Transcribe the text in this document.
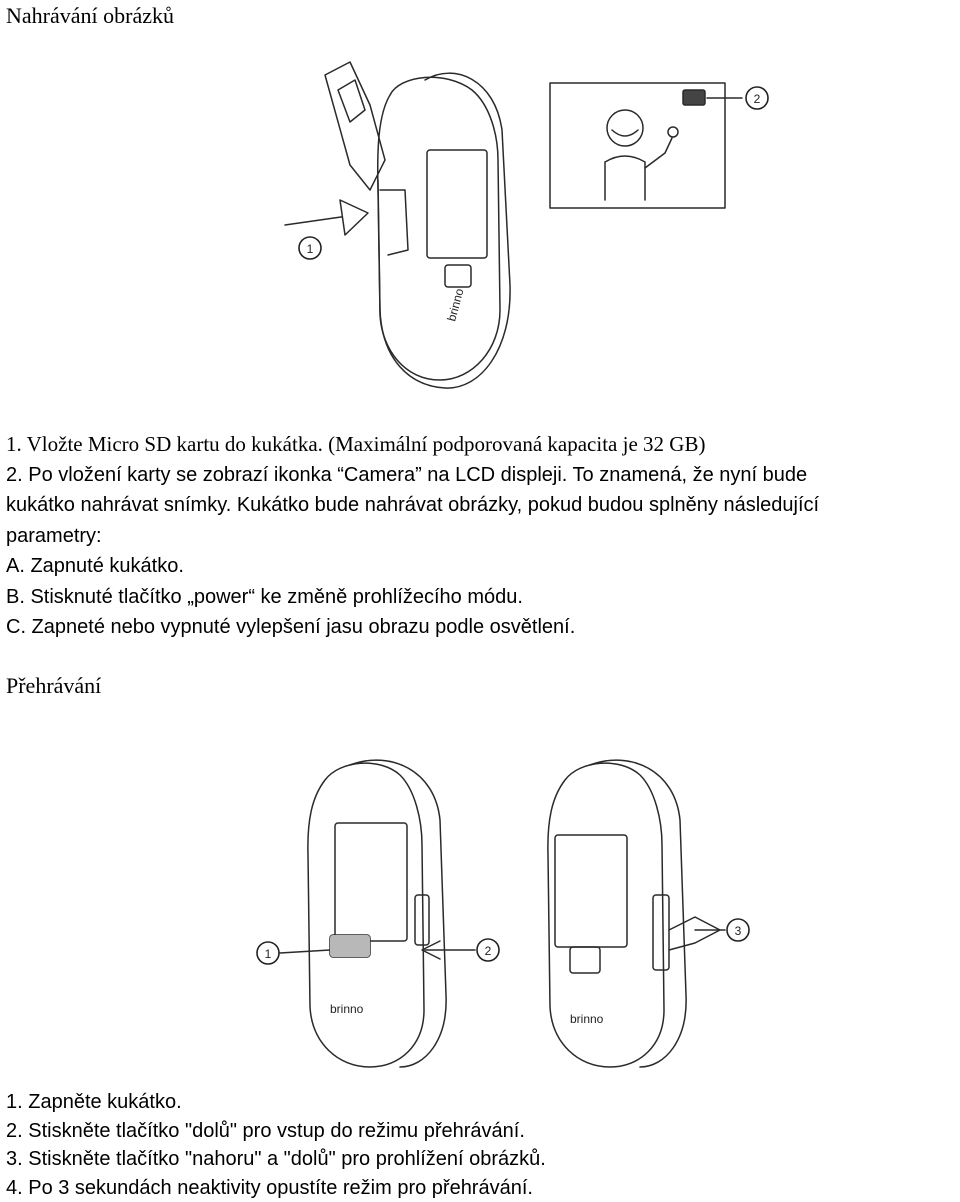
Nahrávání obrázků
1
2
brinno
1. Vložte Micro SD kartu do kukátka. (Maximální podporovaná kapacita je 32 GB)
2. Po vložení karty se zobrazí ikonka “Camera” na LCD displeji. To znamená, že nyní bude
kukátko nahrávat snímky. Kukátko bude nahrávat obrázky, pokud budou splněny následující
parametry:
A. Zapnuté kukátko.
B. Stisknuté tlačítko „power“ ke změně prohlížecího módu.
C. Zapneté nebo vypnuté vylepšení jasu obrazu podle osvětlení.
Přehrávání
1	2
3
brinno
brinno
1. Zapněte kukátko.
2. Stiskněte tlačítko "dolů" pro vstup do režimu přehrávání.
3. Stiskněte tlačítko "nahoru" a "dolů" pro prohlížení obrázků.
4. Po 3 sekundách neaktivity opustíte režim pro přehrávání.
